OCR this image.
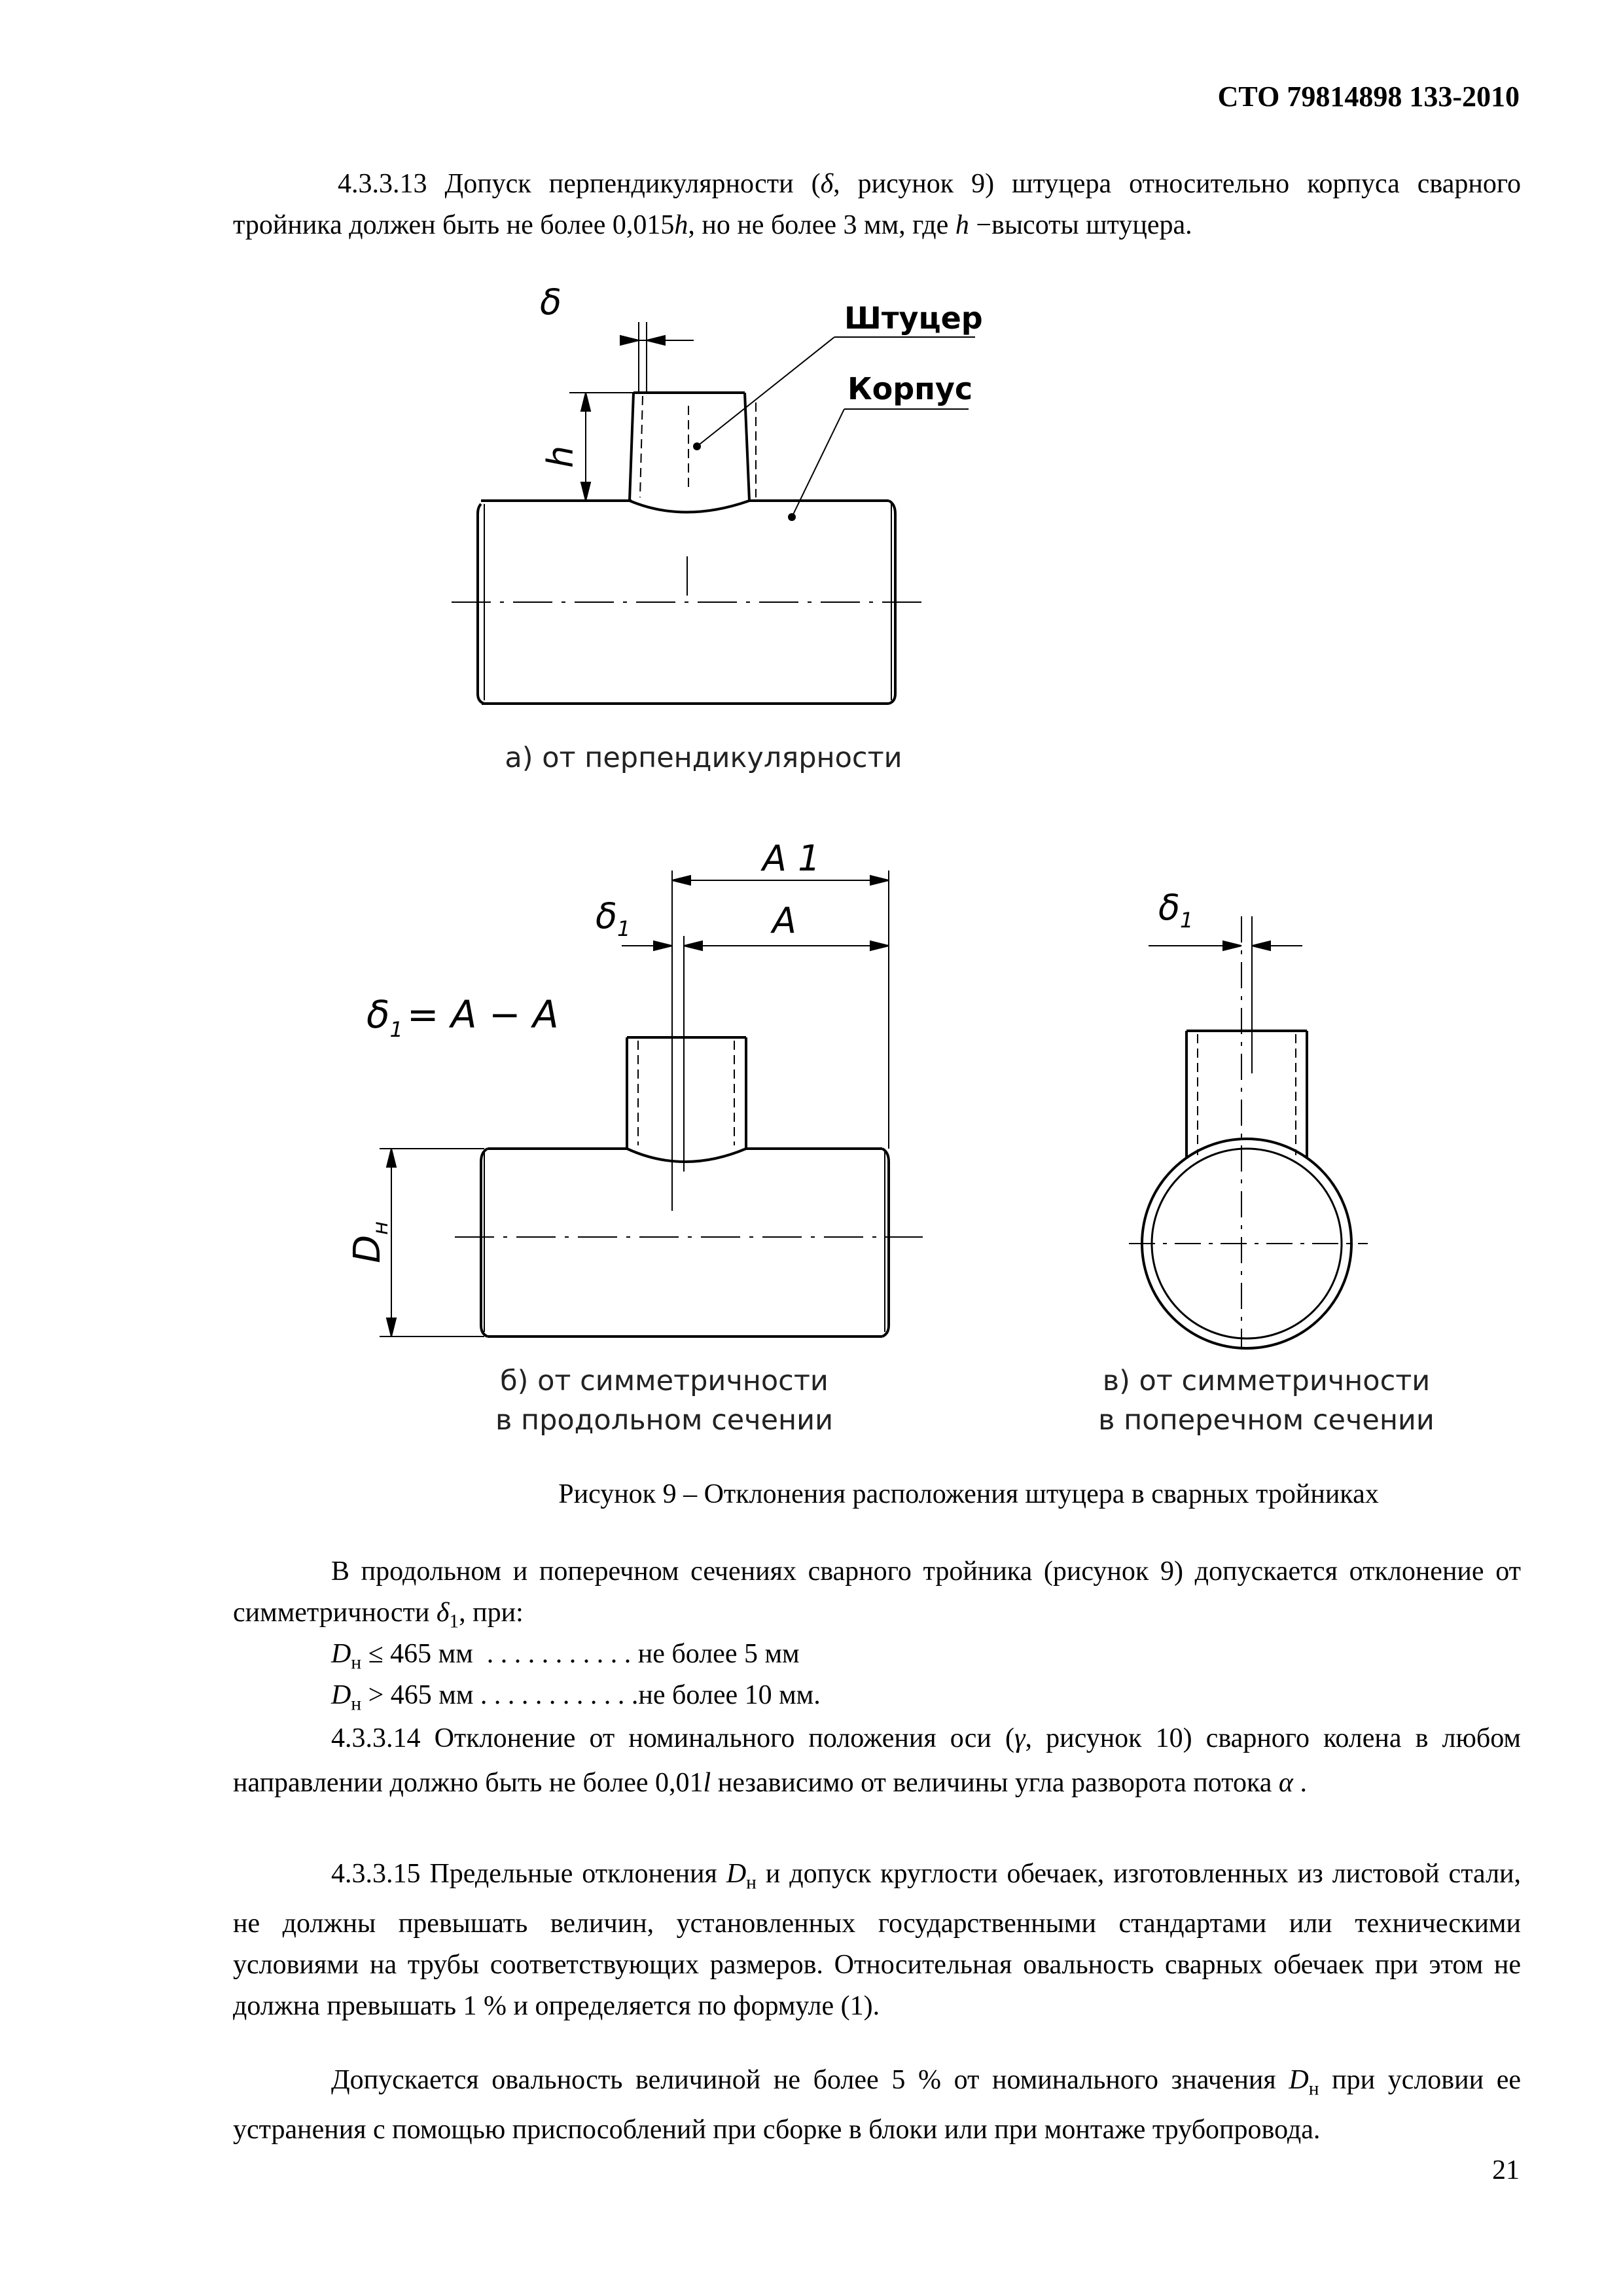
СТО 79814898 133-2010

4.3.3.13 Допуск перпендикулярности (δ, рисунок 9) штуцера относительно корпуса сварного тройника должен быть не более 0,015h, но не более 3 мм, где h −высоты штуцера.

δ
h
Штуцер
Корпус
а) от перпендикулярности
A 1
A
$\delta_1$
$\delta_1 = A - A$
$D_н$
б) от симметричности
в продольном сечении
$\delta_1$
в) от симметричности
в поперечном сечении
Рисунок 9 – Отклонения расположения штуцера в сварных тройниках

В продольном и поперечном сечениях сварного тройника (рисунок 9) допускается отклонение от симметричности $\delta_1$, при:

$D_н \le 465$ мм  . . . . . . . . . . . не более 5 мм
$D_н > 465$ мм . . . . . . . . . . . .не более 10 мм.

4.3.3.14 Отклонение от номинального положения оси (γ, рисунок 10) сварного колена в любом направлении должно быть не более 0,01l независимо от величины угла разворота потока α .

4.3.3.15 Предельные отклонения $D_н$ и допуск круглости обечаек, изготовленных из листовой стали, не должны превышать величин, установленных государственными стандартами или техническими условиями на трубы соответствующих размеров. Относительная овальность сварных обечаек при этом не должна превышать 1 % и определяется по формуле (1).

Допускается овальность величиной не более 5 % от номинального значения $D_н$ при условии ее устранения с помощью приспособлений при сборке в блоки или при монтаже трубопровода.

21
